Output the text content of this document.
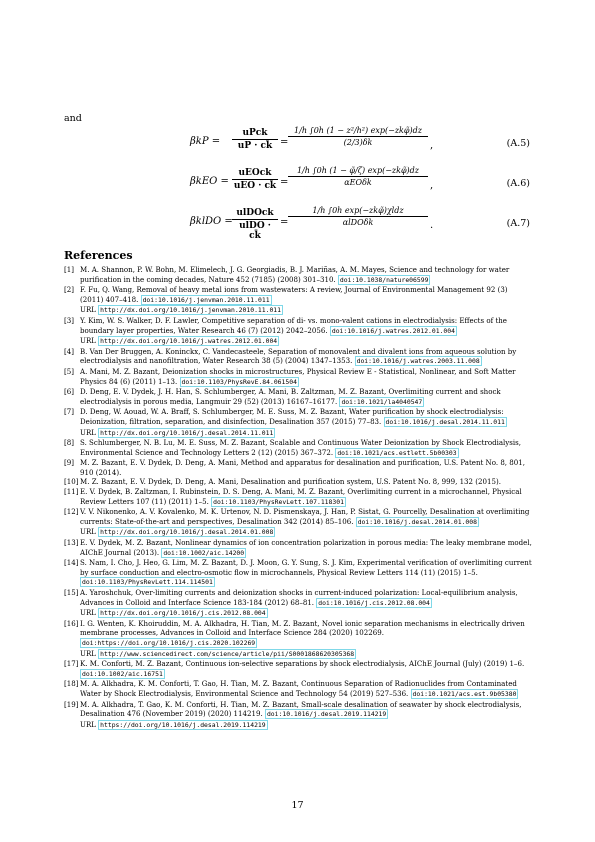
and
βkP =
uPck
uP · ck̄ =
1/h ∫0h (1 − z²/h²) exp(−zkφ̃)dz
(2/3)δk	,	(A.5)
βkEO =
uEOck
uEO · ck̄ =
1/h ∫0h (1 − φ̃/ζ) exp(−zkφ̃)dz
αEOδk	,	(A.6)
βklDO =
ulDOck
ulDO · ck̄
=
1/h ∫0h exp(−zkφ̃)χldz
αlDOδk	.	(A.7)
References
[1] M. A. Shannon, P. W. Bohn, M. Elimelech, J. G. Georgiadis, B. J. Mariñas, A. M. Mayes, Science and technology for water purification in the coming decades, Nature 452 (7185) (2008) 301–310. doi:10.1038/nature06599
[2] F. Fu, Q. Wang, Removal of heavy metal ions from wastewaters: A review, Journal of Environmental Management 92 (3) (2011) 407–418. doi:10.1016/j.jenvman.2010.11.011
URL http://dx.doi.org/10.1016/j.jenvman.2010.11.011
[3] Y. Kim, W. S. Walker, D. F. Lawler, Competitive separation of di- vs. mono-valent cations in electrodialysis: Effects of the boundary layer properties, Water Research 46 (7) (2012) 2042–2056. doi:10.1016/j.watres.2012.01.004
URL http://dx.doi.org/10.1016/j.watres.2012.01.004
[4] B. Van Der Bruggen, A. Koninckx, C. Vandecasteele, Separation of monovalent and divalent ions from aqueous solution by electrodialysis and nanofiltration, Water Research 38 (5) (2004) 1347–1353. doi:10.1016/j.watres.2003.11.008
[5] A. Mani, M. Z. Bazant, Deionization shocks in microstructures, Physical Review E - Statistical, Nonlinear, and Soft Matter Physics 84 (6) (2011) 1–13. doi:10.1103/PhysRevE.84.061504
[6] D. Deng, E. V. Dydek, J. H. Han, S. Schlumberger, A. Mani, B. Zaltzman, M. Z. Bazant, Overlimiting current and shock electrodialysis in porous media, Langmuir 29 (52) (2013) 16167–16177. doi:10.1021/la4040547
[7] D. Deng, W. Aouad, W. A. Braff, S. Schlumberger, M. E. Suss, M. Z. Bazant, Water purification by shock electrodialysis: Deionization, filtration, separation, and disinfection, Desalination 357 (2015) 77–83. doi:10.1016/j.desal.2014.11.011
URL http://dx.doi.org/10.1016/j.desal.2014.11.011
[8] S. Schlumberger, N. B. Lu, M. E. Suss, M. Z. Bazant, Scalable and Continuous Water Deionization by Shock Electrodialysis, Environmental Science and Technology Letters 2 (12) (2015) 367–372. doi:10.1021/acs.estlett.5b00303
[9] M. Z. Bazant, E. V. Dydek, D. Deng, A. Mani, Method and apparatus for desalination and purification, U.S. Patent No. 8, 801, 910 (2014).
[10] M. Z. Bazant, E. V. Dydek, D. Deng, A. Mani, Desalination and purification system, U.S. Patent No. 8, 999, 132 (2015).
[11] E. V. Dydek, B. Zaltzman, I. Rubinstein, D. S. Deng, A. Mani, M. Z. Bazant, Overlimiting current in a microchannel, Physical Review Letters 107 (11) (2011) 1–5. doi:10.1103/PhysRevLett.107.118301
[12] V. V. Nikonenko, A. V. Kovalenko, M. K. Urtenov, N. D. Pismenskaya, J. Han, P. Sistat, G. Pourcelly, Desalination at overlimiting currents: State-of-the-art and perspectives, Desalination 342 (2014) 85–106. doi:10.1016/j.desal.2014.01.008
URL http://dx.doi.org/10.1016/j.desal.2014.01.008
[13] E. V. Dydek, M. Z. Bazant, Nonlinear dynamics of ion concentration polarization in porous media: The leaky membrane model, AIChE Journal (2013). doi:10.1002/aic.14200
[14] S. Nam, I. Cho, J. Heo, G. Lim, M. Z. Bazant, D. J. Moon, G. Y. Sung, S. J. Kim, Experimental verification of overlimiting current by surface conduction and electro-osmotic flow in microchannels, Physical Review Letters 114 (11) (2015) 1–5. doi:10.1103/PhysRevLett.114.114501
[15] A. Yaroshchuk, Over-limiting currents and deionization shocks in current-induced polarization: Local-equilibrium analysis, Advances in Colloid and Interface Science 183-184 (2012) 68–81. doi:10.1016/j.cis.2012.08.004
URL http://dx.doi.org/10.1016/j.cis.2012.08.004
[16] I. G. Wenten, K. Khoiruddin, M. A. Alkhadra, H. Tian, M. Z. Bazant, Novel ionic separation mechanisms in electrically driven membrane processes, Advances in Colloid and Interface Science 284 (2020) 102269. doi:https://doi.org/10.1016/j.cis.2020.102269
URL http://www.sciencedirect.com/science/article/pii/S0001868620305368
[17] K. M. Conforti, M. Z. Bazant, Continuous ion-selective separations by shock electrodialysis, AIChE Journal (July) (2019) 1–6. doi:10.1002/aic.16751
[18] M. A. Alkhadra, K. M. Conforti, T. Gao, H. Tian, M. Z. Bazant, Continuous Separation of Radionuclides from Contaminated Water by Shock Electrodialysis, Environmental Science and Technology 54 (2019) 527–536. doi:10.1021/acs.est.9b05380
[19] M. A. Alkhadra, T. Gao, K. M. Conforti, H. Tian, M. Z. Bazant, Small-scale desalination of seawater by shock electrodialysis, Desalination 476 (November 2019) (2020) 114219. doi:10.1016/j.desal.2019.114219
URL https://doi.org/10.1016/j.desal.2019.114219
17
